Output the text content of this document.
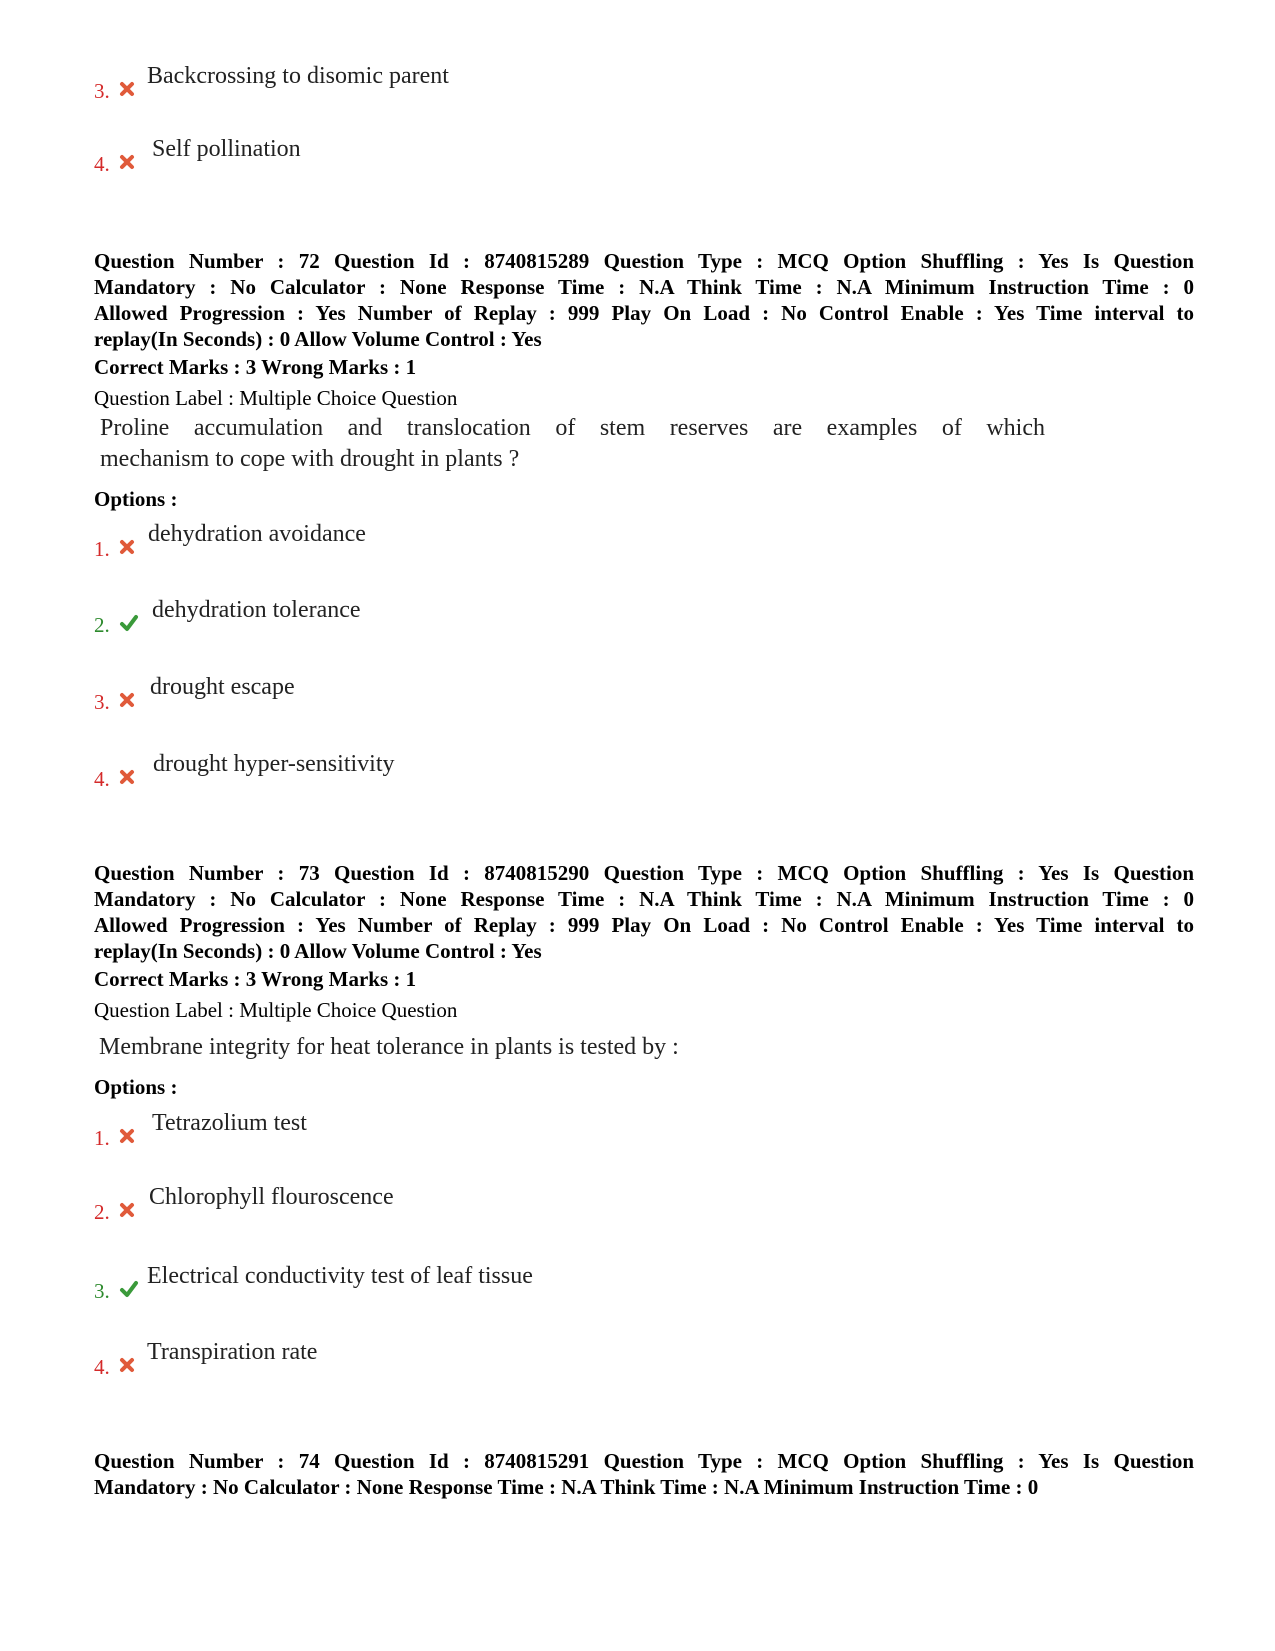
3.
Backcrossing to disomic parent
4.
Self pollination
Question Number : 72 Question Id : 8740815289 Question Type : MCQ Option Shuffling : Yes Is Question
Mandatory : No Calculator : None Response Time : N.A Think Time : N.A Minimum Instruction Time : 0
Allowed Progression : Yes Number of Replay : 999 Play On Load : No Control Enable : Yes Time interval to
replay(In Seconds) : 0 Allow Volume Control : Yes
Correct Marks : 3 Wrong Marks : 1
Question Label : Multiple Choice Question
Proline accumulation and translocation of stem reserves are examples of which
mechanism to cope with drought in plants ?
Options :
1.
dehydration avoidance
2.
dehydration tolerance
3.
drought escape
4.
drought hyper-sensitivity
Question Number : 73 Question Id : 8740815290 Question Type : MCQ Option Shuffling : Yes Is Question
Mandatory : No Calculator : None Response Time : N.A Think Time : N.A Minimum Instruction Time : 0
Allowed Progression : Yes Number of Replay : 999 Play On Load : No Control Enable : Yes Time interval to
replay(In Seconds) : 0 Allow Volume Control : Yes
Correct Marks : 3 Wrong Marks : 1
Question Label : Multiple Choice Question
Membrane integrity for heat tolerance in plants is tested by :
Options :
1.
Tetrazolium test
2.
Chlorophyll flouroscence
3.
Electrical conductivity test of leaf tissue
4.
Transpiration rate
Question Number : 74 Question Id : 8740815291 Question Type : MCQ Option Shuffling : Yes Is Question
Mandatory : No Calculator : None Response Time : N.A Think Time : N.A Minimum Instruction Time : 0
